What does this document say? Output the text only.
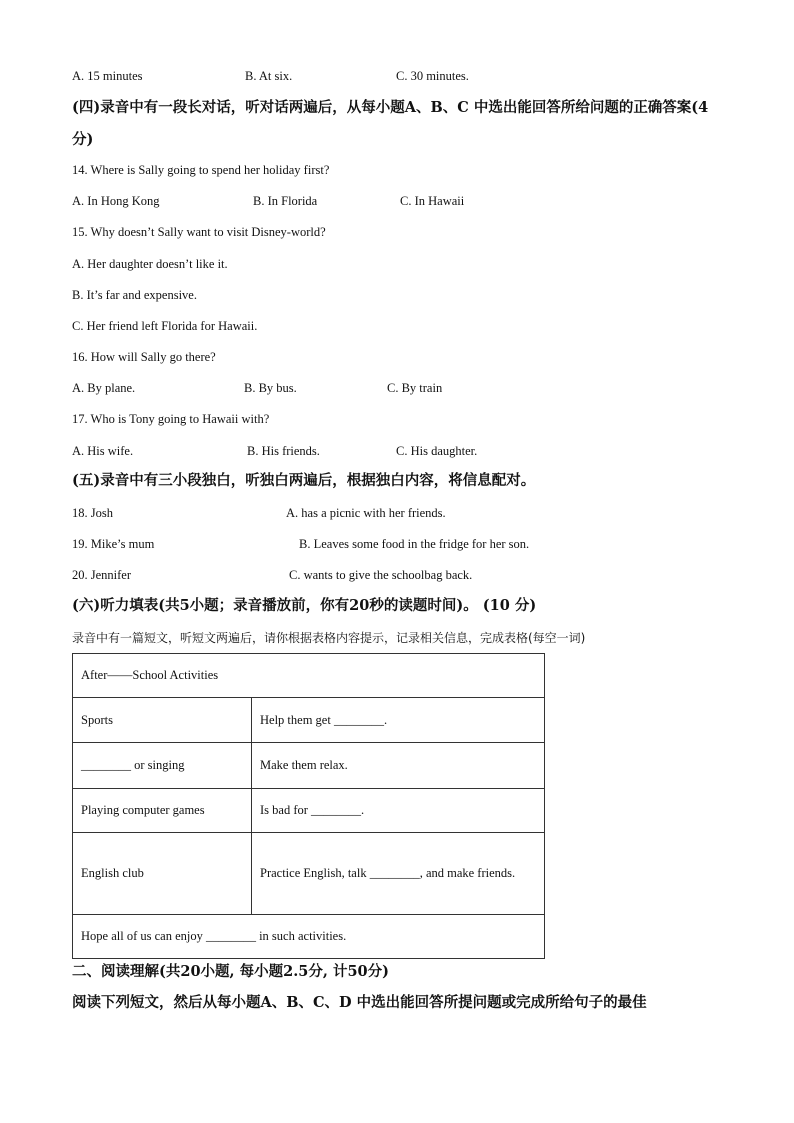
A. 15 minutes	B. At six.	C. 30 minutes.
(四)录音中有一段长对话，听对话两遍后，从每小题A、B、C 中选出能回答所给问题的正确答案(4 分)
14. Where is Sally going to spend her holiday first?
A. In Hong Kong	B. In Florida	C. In Hawaii
15. Why doesn’t Sally want to visit Disney-world?
A. Her daughter doesn’t like it.
B. It’s far and expensive.
C. Her friend left Florida for Hawaii.
16. How will Sally go there?
A. By plane.	B. By bus.	C. By train
17. Who is Tony going to Hawaii with?
A. His wife.	B. His friends.	C. His daughter.
(五)录音中有三小段独白，听独白两遍后，根据独白内容，将信息配对。
18. Josh	A. has a picnic with her friends.
19. Mike’s mum	B. Leaves some food in the fridge for her son.
20. Jennifer	C. wants to give the schoolbag back.
(六)听力填表(共5小题；录音播放前，你有20秒的读题时间)。 (10 分)
录音中有一篇短文，听短文两遍后，请你根据表格内容提示，记录相关信息，完成表格(每空一词)
After——School Activities	
Sports	Help them get ________.
________ or singing	Make them relax.
Playing computer games	Is bad for ________.
English club	Practice English, talk ________, and make friends.
Hope all of us can enjoy ________ in such activities.	
二、阅读理解(共20小题, 每小题2.5分, 计50分)
阅读下列短文，然后从每小题A、B、C、D 中选出能回答所提问题或完成所给句子的最佳
